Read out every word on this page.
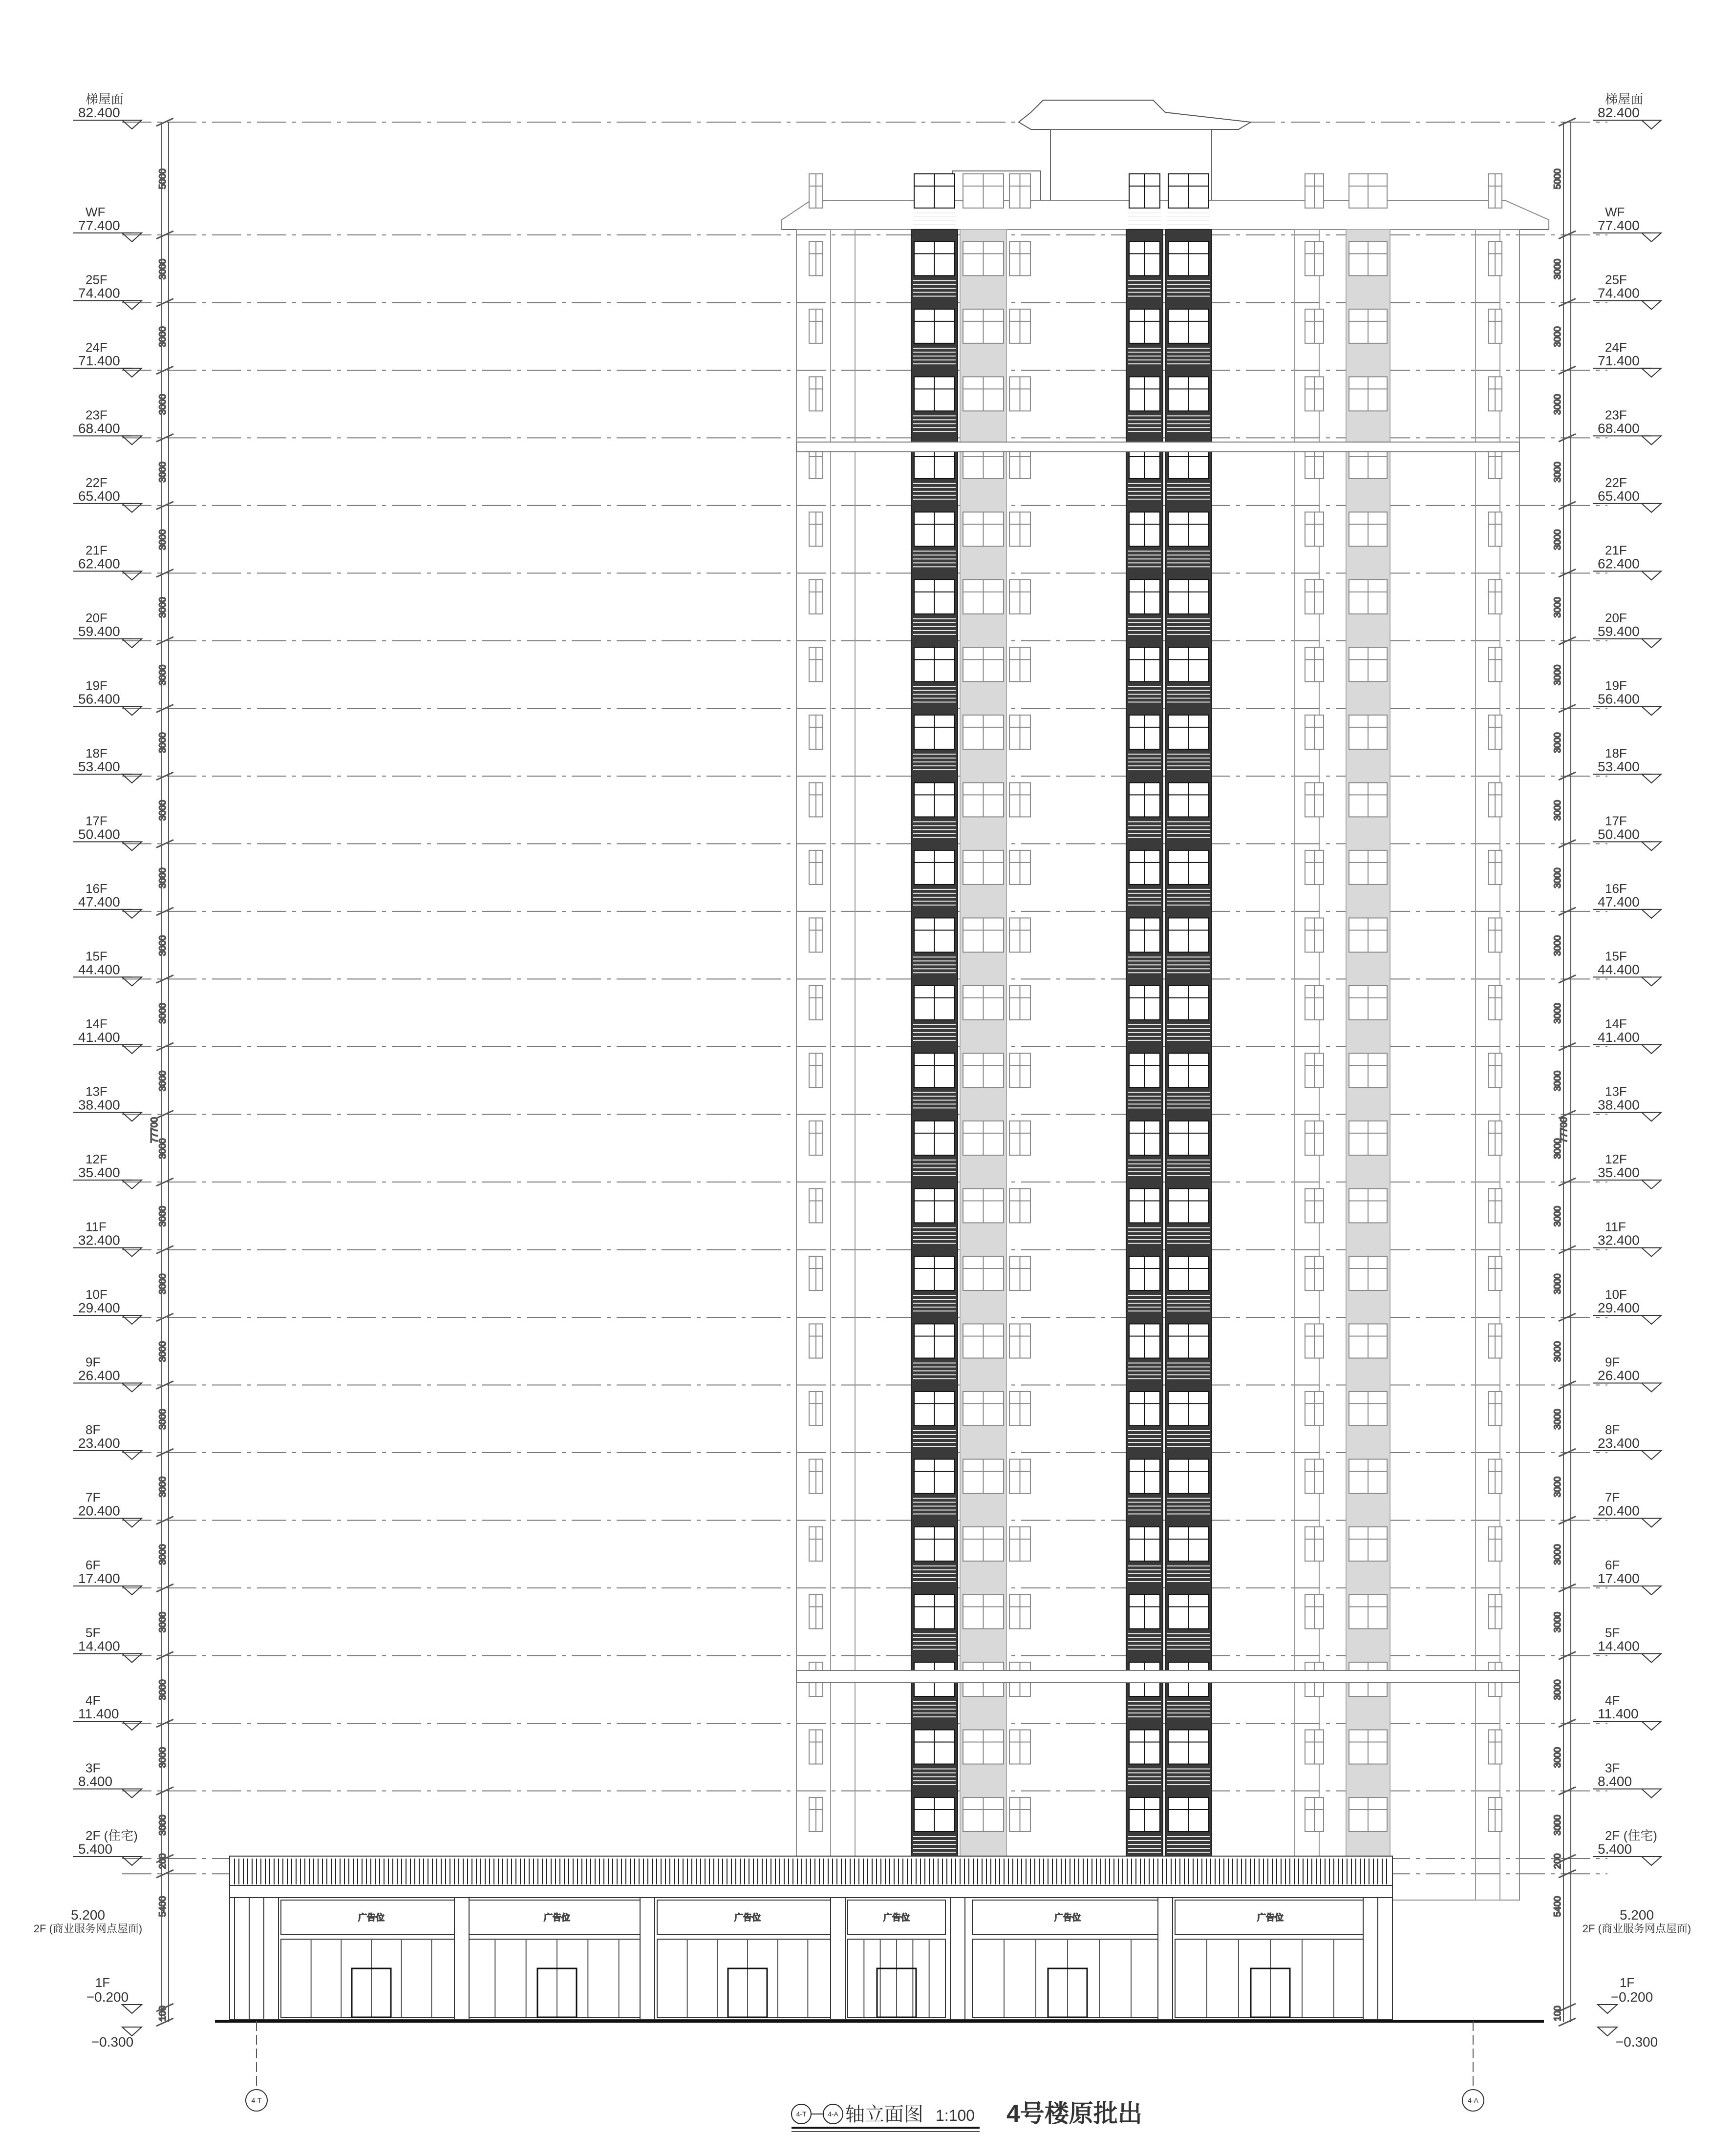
5000
3000
3000
3000
3000
3000
3000
3000
3000
3000
3000
3000
3000
3000
3000
3000
3000
3000
3000
3000
3000
3000
3000
3000
3000
200
5400
100
77700
5000
3000
3000
3000
3000
3000
3000
3000
3000
3000
3000
3000
3000
3000
3000
3000
3000
3000
3000
3000
3000
3000
3000
3000
3000
200
5400
100
77700
广告位	广告位	广告位	广告位	广告位	广告位
梯屋面
82.400
WF
77.400
25F
74.400
24F
71.400
23F
68.400
22F
65.400
21F
62.400
20F
59.400
19F
56.400
18F
53.400
17F
50.400
16F
47.400
15F
44.400
14F
41.400
13F
38.400
12F
35.400
11F
32.400
10F
29.400
9F
26.400
8F
23.400
7F
20.400
6F
17.400
5F
14.400
4F
11.400
3F
8.400
2F (住宅)
5.400
梯屋面
82.400
WF
77.400
25F
74.400
24F
71.400
23F
68.400
22F
65.400
21F
62.400
20F
59.400
19F
56.400
18F
53.400
17F
50.400
16F
47.400
15F
44.400
14F
41.400
13F
38.400
12F
35.400
11F
32.400
10F
29.400
9F
26.400
8F
23.400
7F
20.400
6F
17.400
5F
14.400
4F
11.400
3F
8.400
2F (住宅)
5.400
5.200
2F (商业服务网点屋面)
5.200
2F (商业服务网点屋面)
1F
−0.200
−0.300
1F
−0.200
−0.300
4-T	4-A
4-T	4-A 轴立面图 1:100 4号楼原批出
